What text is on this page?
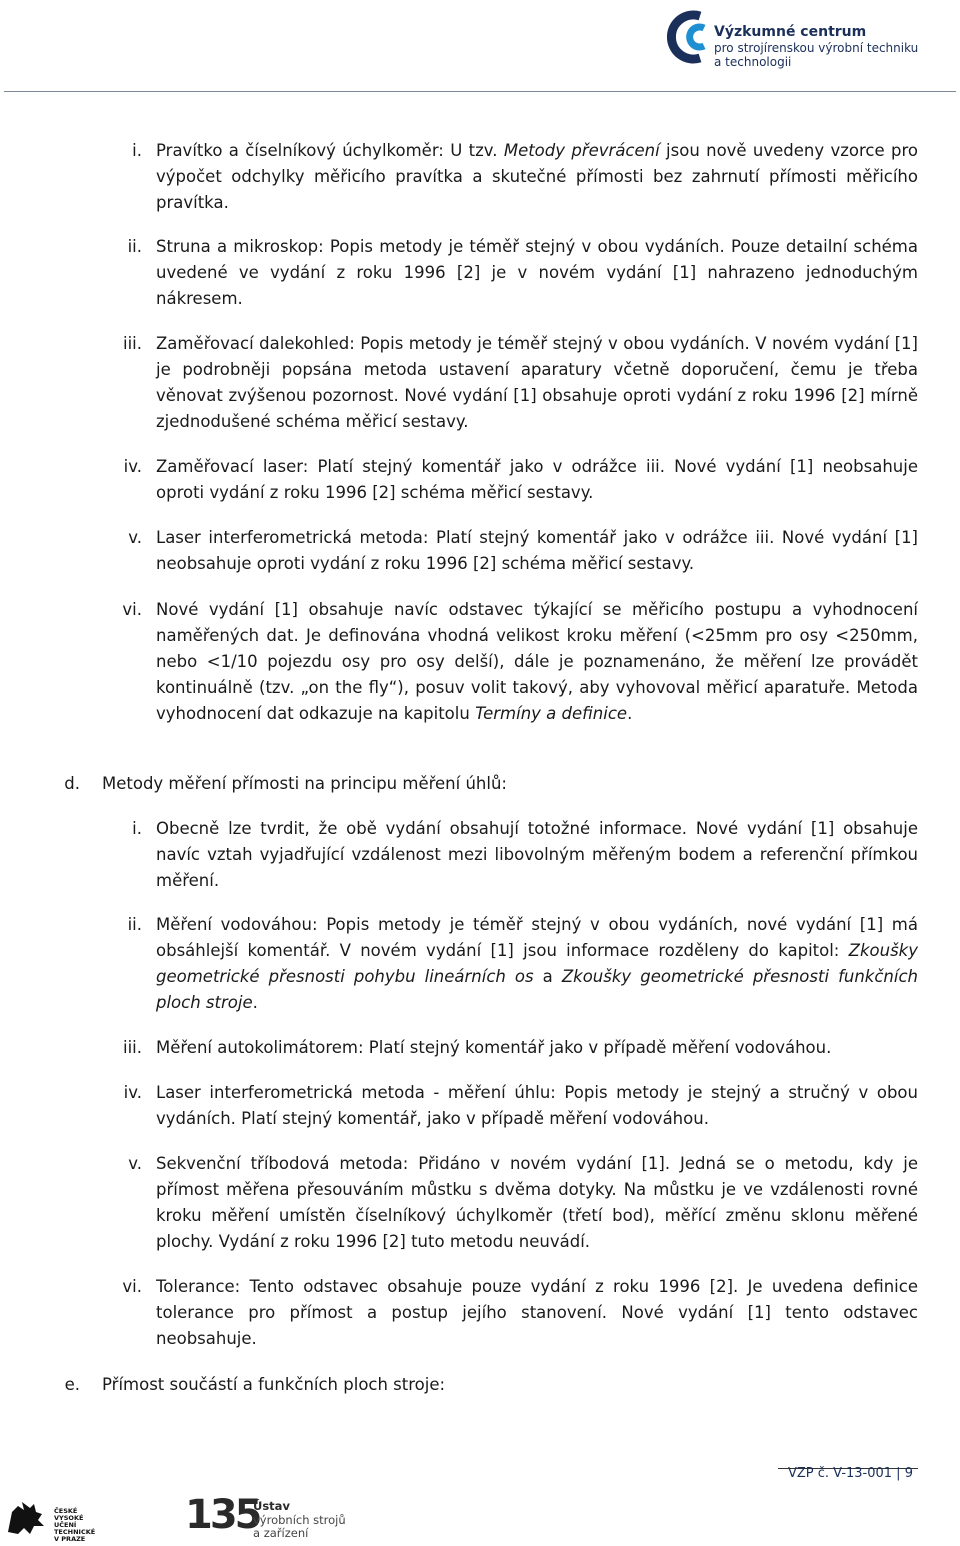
Výzkumné centrum
pro strojírenskou výrobní techniku
a technologii
i. Pravítko a číselníkový úchylkoměr: U tzv. Metody převrácení jsou nově uvedeny vzorce pro výpočet odchylky měřicího pravítka a skutečné přímosti bez zahrnutí přímosti měřicího pravítka.
ii. Struna a mikroskop: Popis metody je téměř stejný v obou vydáních. Pouze detailní schéma uvedené ve vydání z roku 1996 [2] je v novém vydání [1] nahrazeno jednoduchým nákresem.
iii. Zaměřovací dalekohled: Popis metody je téměř stejný v obou vydáních. V novém vydání [1] je podrobněji popsána metoda ustavení aparatury včetně doporučení, čemu je třeba věnovat zvýšenou pozornost. Nové vydání [1] obsahuje oproti vydání z roku 1996 [2] mírně zjednodušené schéma měřicí sestavy.
iv. Zaměřovací laser: Platí stejný komentář jako v odrážce iii. Nové vydání [1] neobsahuje oproti vydání z roku 1996 [2] schéma měřicí sestavy.
v. Laser interferometrická metoda: Platí stejný komentář jako v odrážce iii. Nové vydání [1] neobsahuje oproti vydání z roku 1996 [2] schéma měřicí sestavy.
vi. Nové vydání [1] obsahuje navíc odstavec týkající se měřicího postupu a vyhodnocení naměřených dat. Je definována vhodná velikost kroku měření (<25mm pro osy <250mm, nebo <1/10 pojezdu osy pro osy delší), dále je poznamenáno, že měření lze provádět kontinuálně (tzv. „on the fly“), posuv volit takový, aby vyhovoval měřicí aparatuře. Metoda vyhodnocení dat odkazuje na kapitolu Termíny a definice.
d. Metody měření přímosti na principu měření úhlů:
i. Obecně lze tvrdit, že obě vydání obsahují totožné informace. Nové vydání [1] obsahuje navíc vztah vyjadřující vzdálenost mezi libovolným měřeným bodem a referenční přímkou měření.
ii. Měření vodováhou: Popis metody je téměř stejný v obou vydáních, nové vydání [1] má obsáhlejší komentář. V novém vydání [1] jsou informace rozděleny do kapitol: Zkoušky geometrické přesnosti pohybu lineárních os a Zkoušky geometrické přesnosti funkčních ploch stroje.
iii. Měření autokolimátorem: Platí stejný komentář jako v případě měření vodováhou.
iv. Laser interferometrická metoda - měření úhlu: Popis metody je stejný a stručný v obou vydáních. Platí stejný komentář, jako v případě měření vodováhou.
v. Sekvenční tříbodová metoda: Přidáno v novém vydání [1]. Jedná se o metodu, kdy je přímost měřena přesouváním můstku s dvěma dotyky. Na můstku je ve vzdálenosti rovné kroku měření umístěn číselníkový úchylkoměr (třetí bod), měřící změnu sklonu měřené plochy. Vydání z roku 1996 [2] tuto metodu neuvádí.
vi. Tolerance: Tento odstavec obsahuje pouze vydání z roku 1996 [2]. Je uvedena definice tolerance pro přímost a postup jejího stanovení. Nové vydání [1] tento odstavec neobsahuje.
e. Přímost součástí a funkčních ploch stroje:
VZP č. V-13-001 | 9
ČESKÉ
VYSOKÉ
UČENÍ
TECHNICKÉ
V PRAZE
135
Ústav
výrobních strojů
a zařízení
